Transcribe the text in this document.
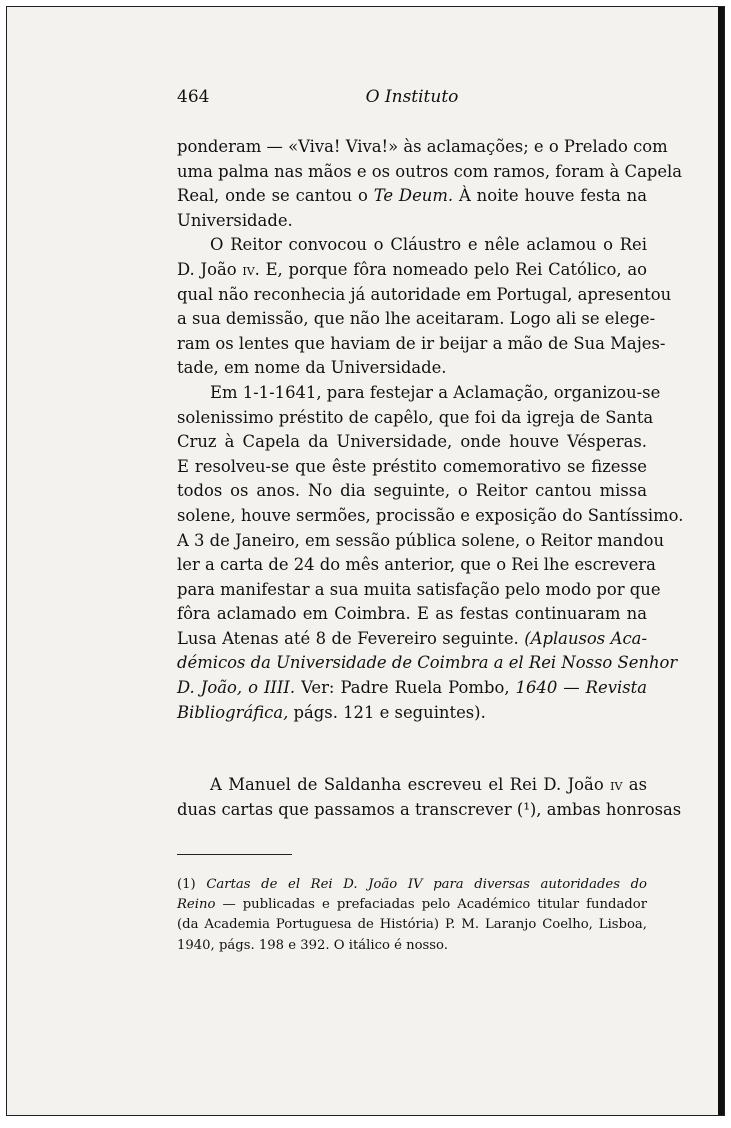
464	O Instituto
ponderam — «Viva! Viva!» às aclamações; e o Prelado com
uma palma nas mãos e os outros com ramos, foram à Capela
Real, onde se cantou o Te Deum. À noite houve festa na
Universidade.
O Reitor convocou o Cláustro e nêle aclamou o Rei
D. João iv. E, porque fôra nomeado pelo Rei Católico, ao
qual não reconhecia já autoridade em Portugal, apresentou
a sua demissão, que não lhe aceitaram. Logo ali se elege-
ram os lentes que haviam de ir beijar a mão de Sua Majes-
tade, em nome da Universidade.
Em 1-1-1641, para festejar a Aclamação, organizou-se
solenissimo préstito de capêlo, que foi da igreja de Santa
Cruz à Capela da Universidade, onde houve Vésperas.
E resolveu-se que êste préstito comemorativo se fizesse
todos os anos. No dia seguinte, o Reitor cantou missa
solene, houve sermões, procissão e exposição do Santíssimo.
A 3 de Janeiro, em sessão pública solene, o Reitor mandou
ler a carta de 24 do mês anterior, que o Rei lhe escrevera
para manifestar a sua muita satisfação pelo modo por que
fôra aclamado em Coimbra. E as festas continuaram na
Lusa Atenas até 8 de Fevereiro seguinte. (Aplausos Aca-
démicos da Universidade de Coimbra a el Rei Nosso Senhor
D. João, o IIII. Ver: Padre Ruela Pombo, 1640 — Revista
Bibliográfica, págs. 121 e seguintes).
A Manuel de Saldanha escreveu el Rei D. João iv as
duas cartas que passamos a transcrever (¹), ambas honrosas
(1) Cartas de el Rei D. João IV para diversas autoridades do
Reino — publicadas e prefaciadas pelo Académico titular fundador
(da Academia Portuguesa de História) P. M. Laranjo Coelho, Lisboa,
1940, págs. 198 e 392. O itálico é nosso.
